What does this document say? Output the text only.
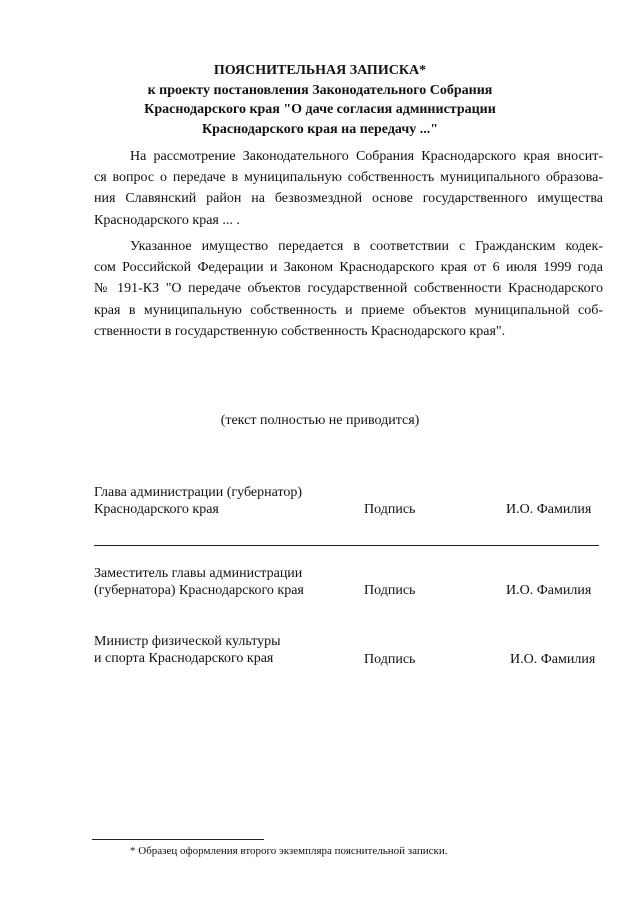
ПОЯСНИТЕЛЬНАЯ ЗАПИСКА*
к проекту постановления Законодательного Собрания
Краснодарского края "О даче согласия администрации
Краснодарского края на передачу ..."
На рассмотрение Законодательного Собрания Краснодарского края вносит-
ся вопрос о передаче в муниципальную собственность муниципального образова-
ния Славянский район на безвозмездной основе государственного имущества
Краснодарского края ... .
Указанное имущество передается в соответствии с Гражданским кодек-
сом Российской Федерации и Законом Краснодарского края от 6 июля 1999 года
№ 191-КЗ "О передаче объектов государственной собственности Краснодарского
края в муниципальную собственность и приеме объектов муниципальной соб-
ственности в государственную собственность Краснодарского края".
(текст полностью не приводится)
Глава администрации (губернатор)
Краснодарского края	Подпись	И.О. Фамилия
Заместитель главы администрации
(губернатора) Краснодарского края	Подпись	И.О. Фамилия
Министр физической культуры
и спорта Краснодарского края	Подпись	И.О. Фамилия
* Образец оформления второго экземпляра пояснительной записки.
